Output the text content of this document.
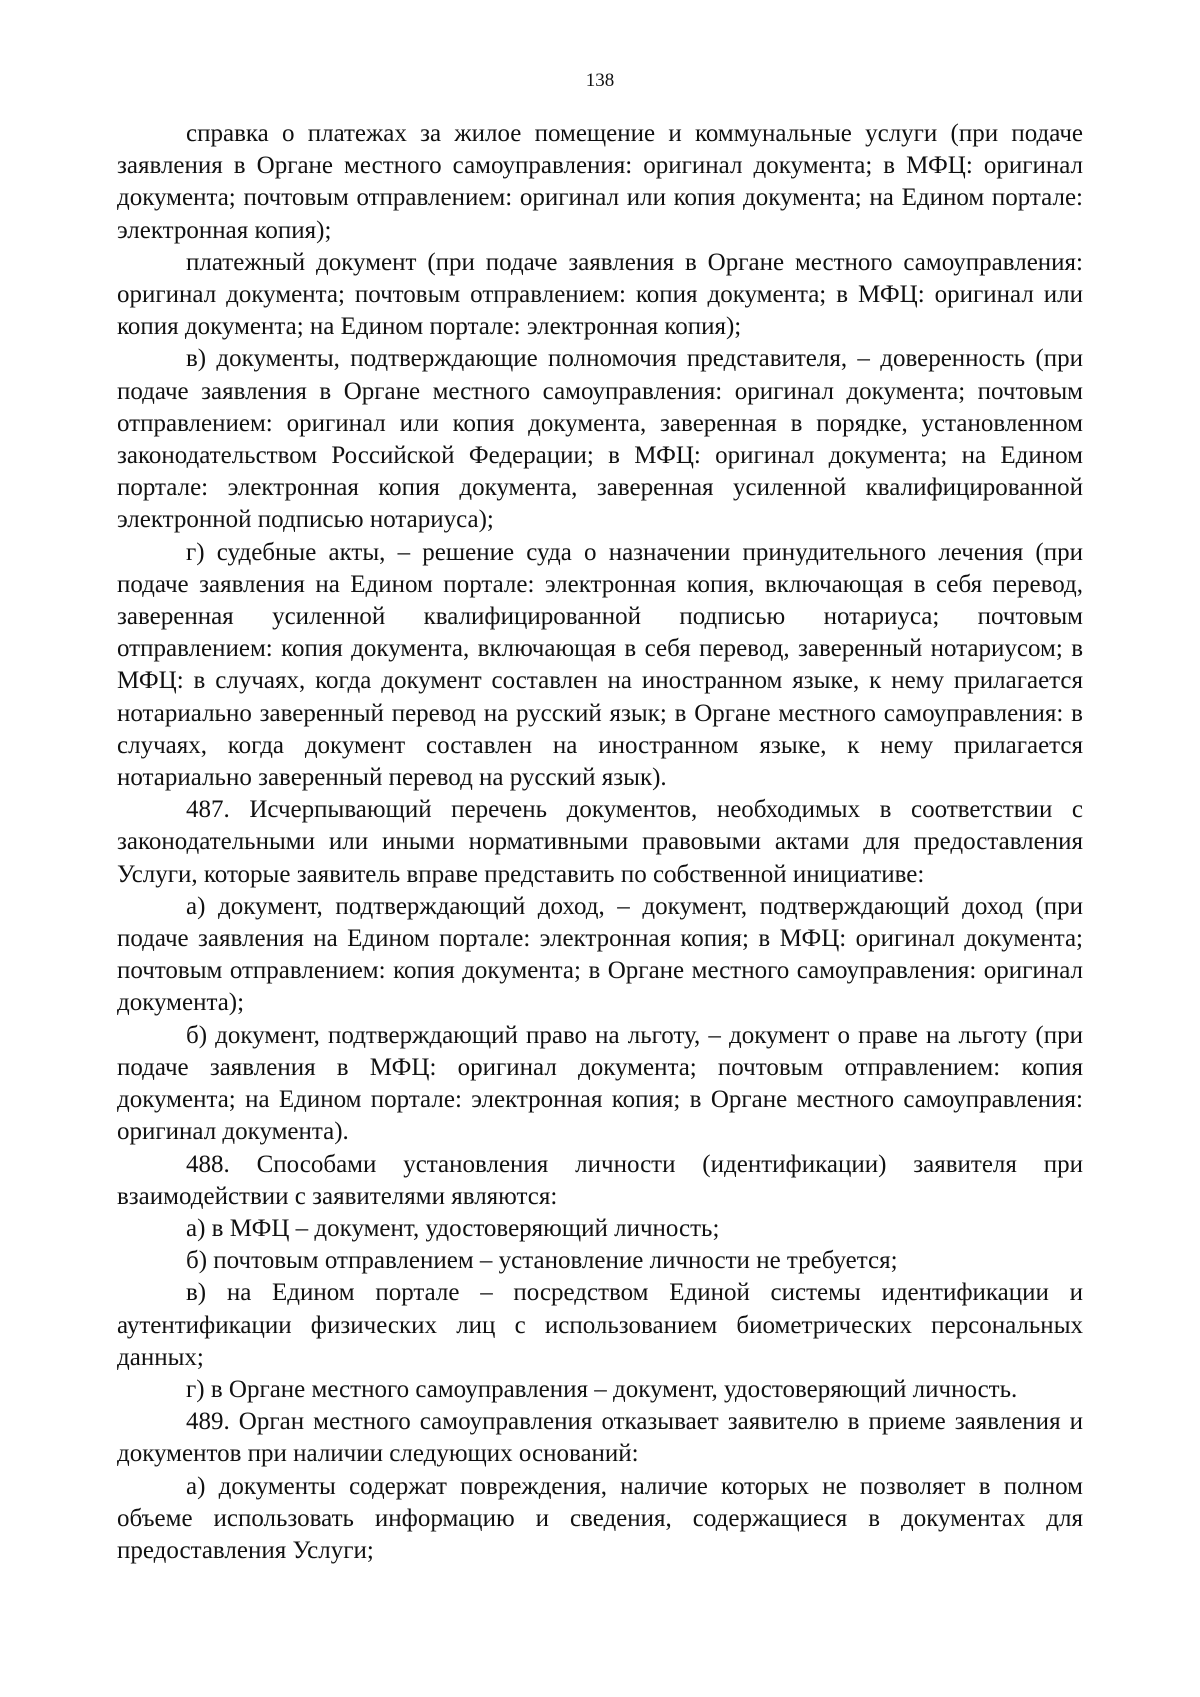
138

справка о платежах за жилое помещение и коммунальные услуги (при подаче заявления в Органе местного самоуправления: оригинал документа; в МФЦ: оригинал документа; почтовым отправлением: оригинал или копия документа; на Едином портале: электронная копия);

платежный документ (при подаче заявления в Органе местного самоуправления: оригинал документа; почтовым отправлением: копия документа; в МФЦ: оригинал или копия документа; на Едином портале: электронная копия);

в) документы, подтверждающие полномочия представителя, – доверенность (при подаче заявления в Органе местного самоуправления: оригинал документа; почтовым отправлением: оригинал или копия документа, заверенная в порядке, установленном законодательством Российской Федерации; в МФЦ: оригинал документа; на Едином портале: электронная копия документа, заверенная усиленной квалифицированной электронной подписью нотариуса);

г) судебные акты, – решение суда о назначении принудительного лечения (при подаче заявления на Едином портале: электронная копия, включающая в себя перевод, заверенная усиленной квалифицированной подписью нотариуса; почтовым отправлением: копия документа, включающая в себя перевод, заверенный нотариусом; в МФЦ: в случаях, когда документ составлен на иностранном языке, к нему прилагается нотариально заверенный перевод на русский язык; в Органе местного самоуправления: в случаях, когда документ составлен на иностранном языке, к нему прилагается нотариально заверенный перевод на русский язык).

487. Исчерпывающий перечень документов, необходимых в соответствии с законодательными или иными нормативными правовыми актами для предоставления Услуги, которые заявитель вправе представить по собственной инициативе:

а) документ, подтверждающий доход, – документ, подтверждающий доход (при подаче заявления на Едином портале: электронная копия; в МФЦ: оригинал документа; почтовым отправлением: копия документа; в Органе местного самоуправления: оригинал документа);

б) документ, подтверждающий право на льготу, – документ о праве на льготу (при подаче заявления в МФЦ: оригинал документа; почтовым отправлением: копия документа; на Едином портале: электронная копия; в Органе местного самоуправления: оригинал документа).

488. Способами установления личности (идентификации) заявителя при взаимодействии с заявителями являются:

а) в МФЦ – документ, удостоверяющий личность;

б) почтовым отправлением – установление личности не требуется;

в) на Едином портале – посредством Единой системы идентификации и аутентификации физических лиц с использованием биометрических персональных данных;

г) в Органе местного самоуправления – документ, удостоверяющий личность.

489. Орган местного самоуправления отказывает заявителю в приеме заявления и документов при наличии следующих оснований:

а) документы содержат повреждения, наличие которых не позволяет в полном объеме использовать информацию и сведения, содержащиеся в документах для предоставления Услуги;
